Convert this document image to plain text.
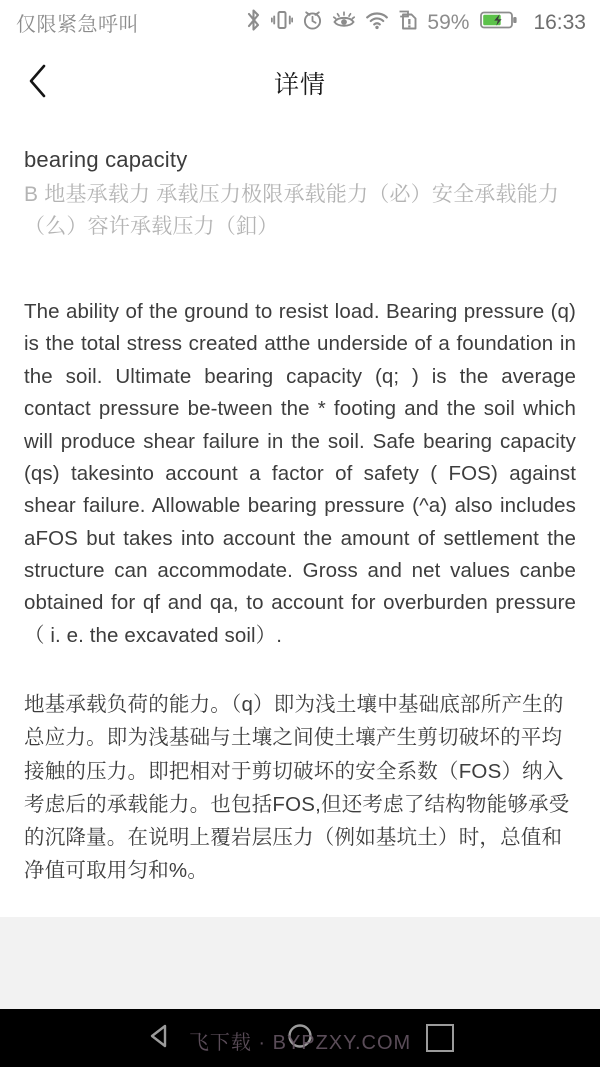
仅限紧急呼叫	59%	16:33
详情
bearing capacity
B 地基承载力 承载压力极限承载能力（必）安全承载能力（么）容许承载压力（釦）
The ability of the ground to resist load. Bearing pressure (q) is the total stress created atthe underside of a foundation in the soil. Ultimate bearing capacity (q; ) is the average contact pressure be-tween the * footing and the soil which will produce shear failure in the soil. Safe bearing capacity (qs) takesinto account a factor of safety ( FOS) against shear failure. Allowable bearing pressure (^a) also includes aFOS but takes into account the amount of settlement the structure can accommodate. Gross and net values canbe obtained for qf and qa, to account for overburden pressure （ i. e. the excavated soil）.
地基承载负荷的能力。（q）即为浅土壤中基础底部所产生的总应力。即为浅基础与土壤之间使土壤产生剪切破坏的平均接触的压力。即把相对于剪切破坏的安全系数（FOS）纳入考虑后的承载能力。也包括FOS,但还考虑了结构物能够承受的沉降量。在说明上覆岩层压力（例如基坑土）时，总值和净值可取用匀和%。
飞下载 · BYPZXY.COM
